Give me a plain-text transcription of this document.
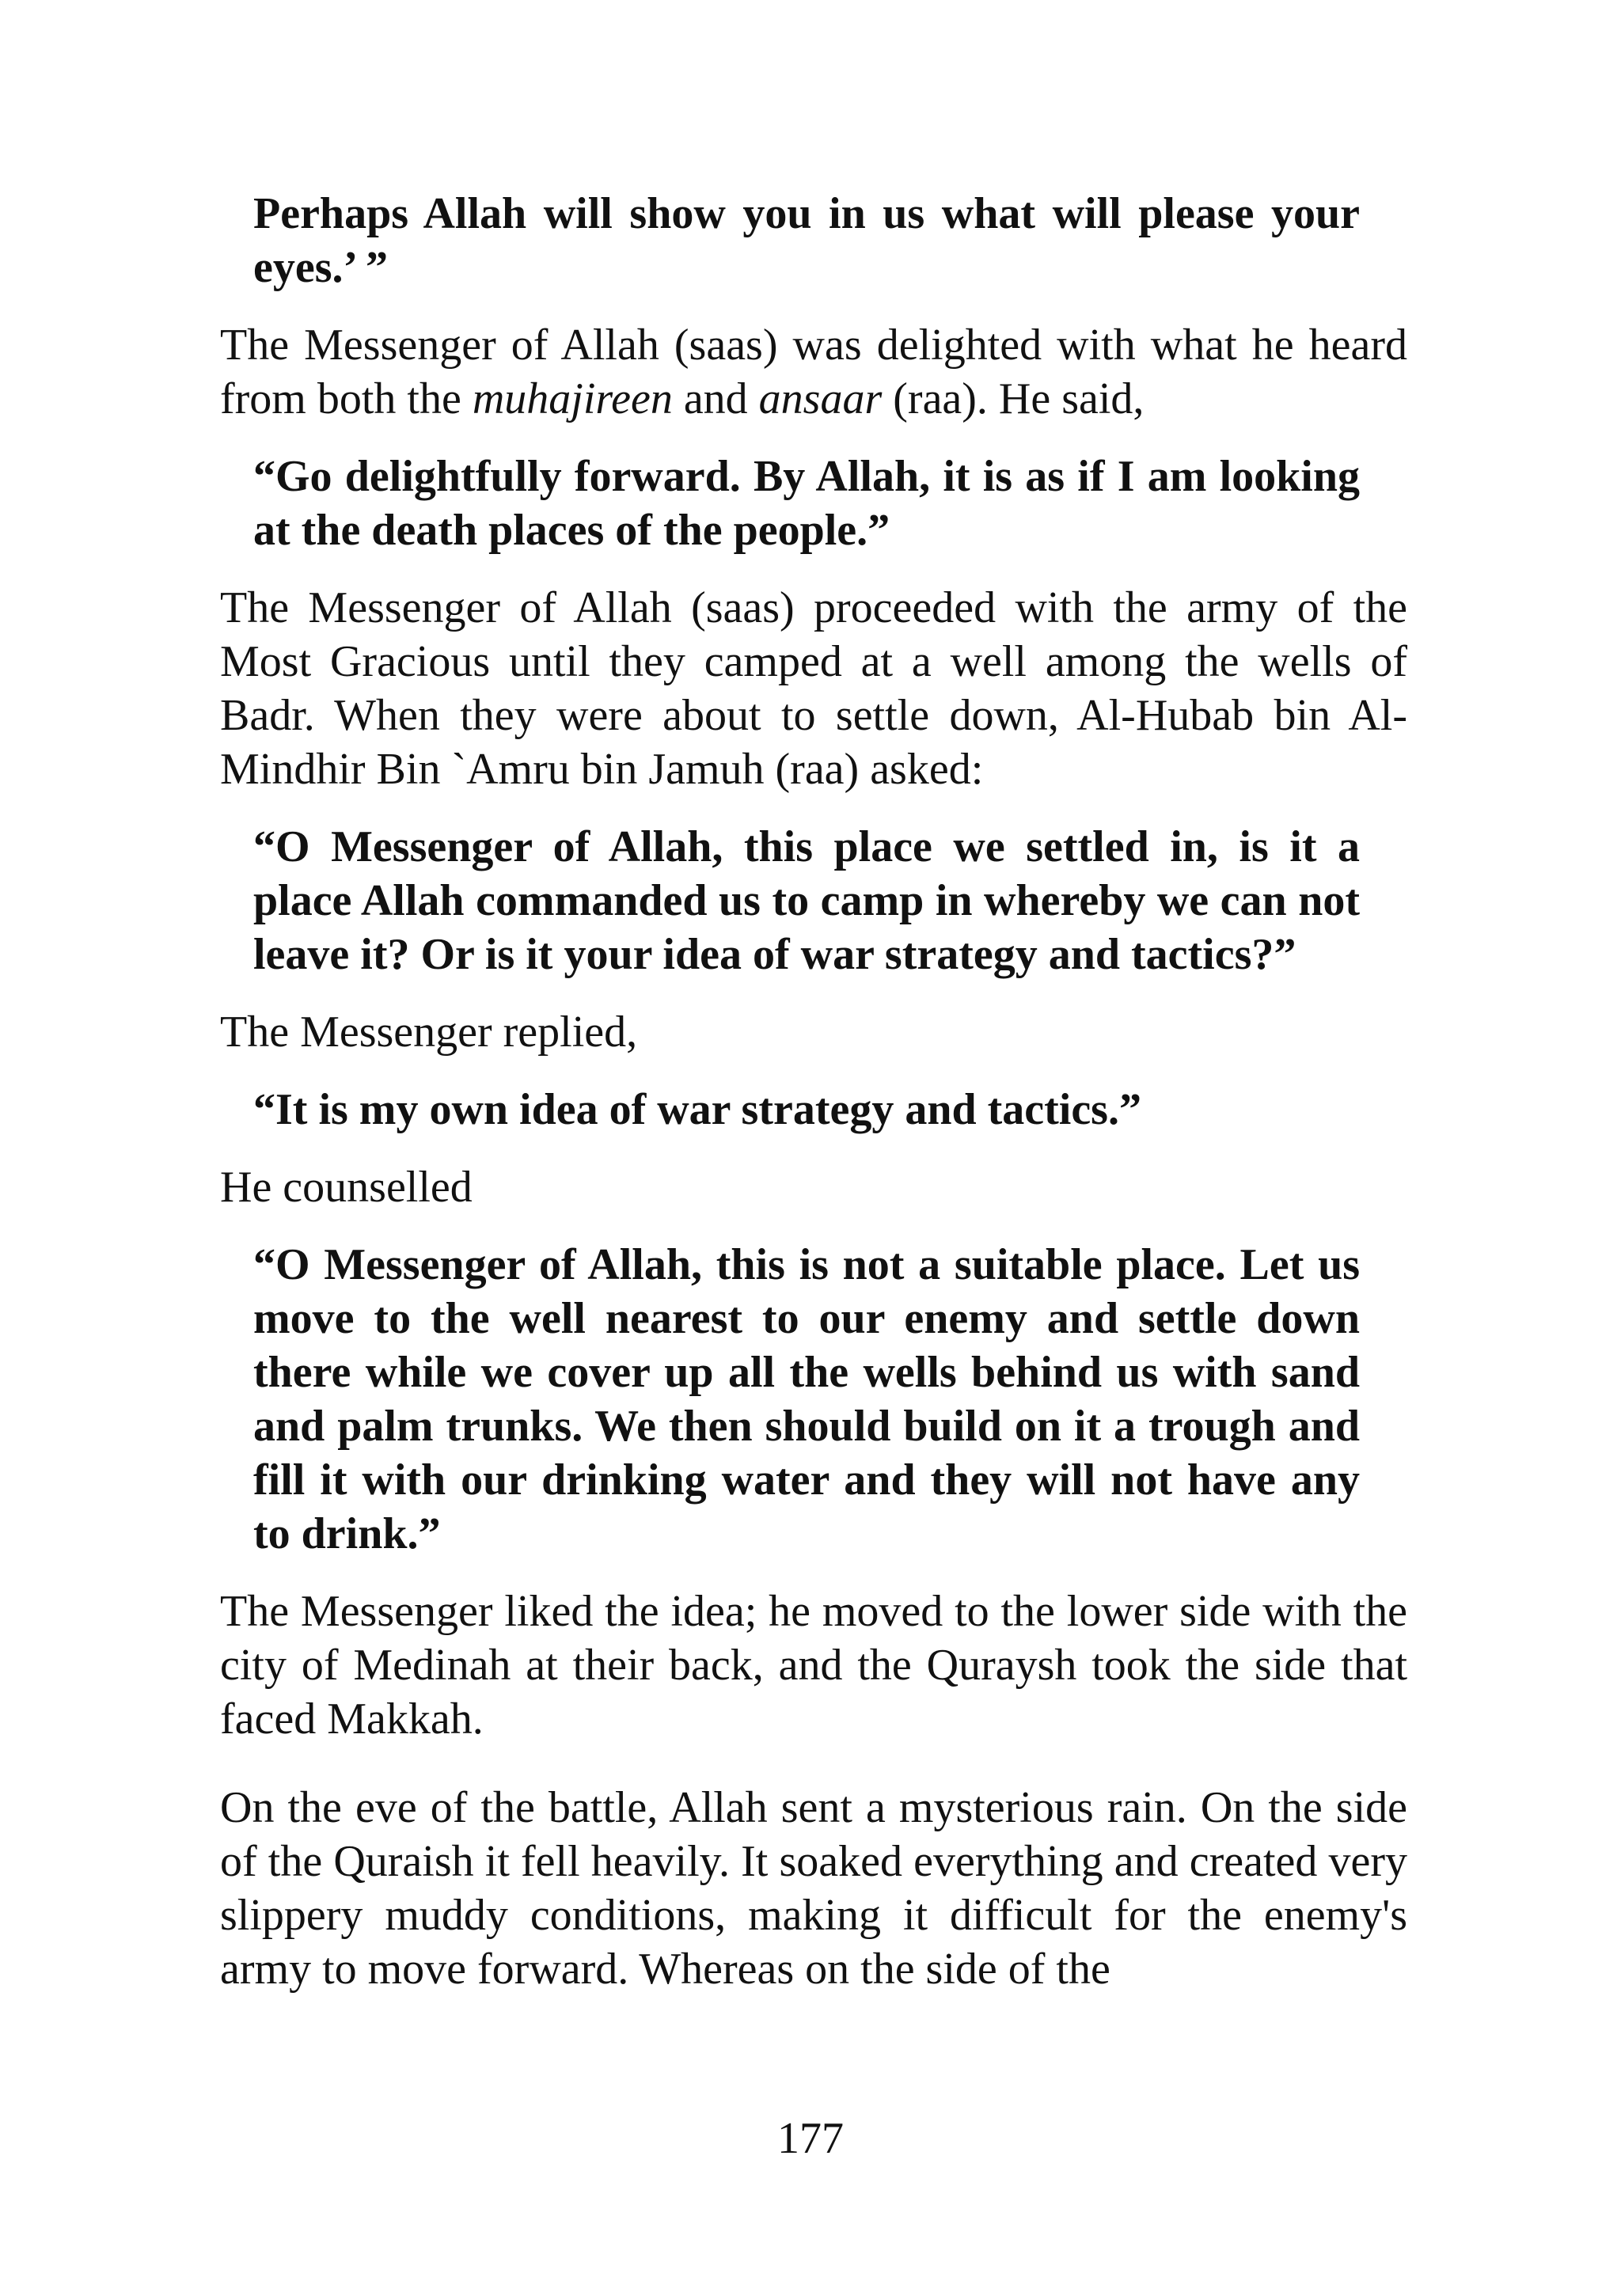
Perhaps Allah will show you in us what will please your eyes.’ ”

The Messenger of Allah (saas) was delighted with what he heard from both the muhajireen and ansaar (raa). He said,

“Go delightfully forward. By Allah, it is as if I am looking at the death places of the people.”

The Messenger of Allah (saas) proceeded with the army of the Most Gracious until they camped at a well among the wells of Badr. When they were about to settle down, Al-Hubab bin Al-Mindhir Bin `Amru bin Jamuh (raa) asked:

“O Messenger of Allah, this place we settled in, is it a place Allah commanded us to camp in whereby we can not leave it? Or is it your idea of war strategy and tactics?”

The Messenger replied,

“It is my own idea of war strategy and tactics.”

He counselled

“O Messenger of Allah, this is not a suitable place. Let us move to the well nearest to our enemy and settle down there while we cover up all the wells behind us with sand and palm trunks. We then should build on it a trough and fill it with our drinking water and they will not have any to drink.”

The Messenger liked the idea; he moved to the lower side with the city of Medinah at their back, and the Quraysh took the side that faced Makkah.

On the eve of the battle, Allah sent a mysterious rain. On the side of the Quraish it fell heavily. It soaked everything and created very slippery muddy conditions, making it difficult for the enemy's army to move forward. Whereas on the side of the

177
